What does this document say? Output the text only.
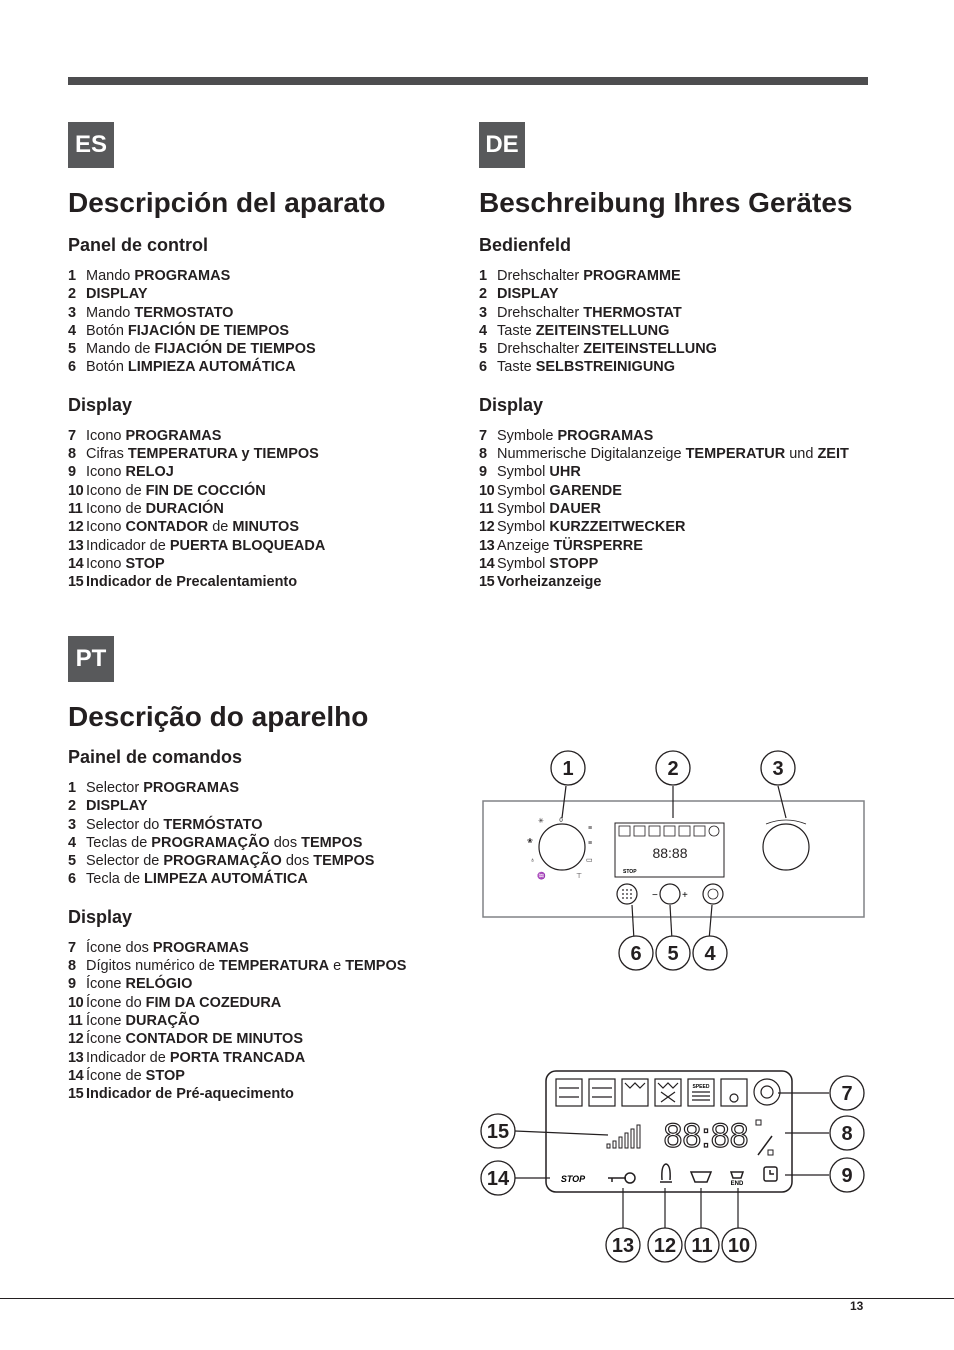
ES
Descripción del aparato
Panel de control
1 Mando PROGRAMAS
2 DISPLAY
3 Mando TERMOSTATO
4 Botón FIJACIÓN DE TIEMPOS
5 Mando de FIJACIÓN DE TIEMPOS
6 Botón LIMPIEZA AUTOMÁTICA
Display
7 Icono PROGRAMAS
8 Cifras TEMPERATURA y TIEMPOS
9 Icono RELOJ
10 Icono de FIN DE COCCIÓN
11 Icono de DURACIÓN
12 Icono CONTADOR de MINUTOS
13 Indicador de PUERTA BLOQUEADA
14 Icono STOP
15 Indicador de Precalentamiento
DE
Beschreibung Ihres Gerätes
Bedienfeld
1 Drehschalter PROGRAMME
2 DISPLAY
3 Drehschalter THERMOSTAT
4 Taste ZEITEINSTELLUNG
5 Drehschalter ZEITEINSTELLUNG
6 Taste SELBSTREINIGUNG
Display
7 Symbole PROGRAMAS
8 Nummerische Digitalanzeige TEMPERATUR und ZEIT
9 Symbol UHR
10 Symbol GARENDE
11 Symbol DAUER
12 Symbol KURZZEITWECKER
13 Anzeige TÜRSPERRE
14 Symbol STOPP
15 Vorheizanzeige
PT
Descrição do aparelho
Painel de comandos
1 Selector PROGRAMAS
2 DISPLAY
3 Selector do TERMÓSTATO
4 Teclas de PROGRAMAÇÃO dos TEMPOS
5 Selector de PROGRAMAÇÃO dos TEMPOS
6 Tecla de LIMPEZA AUTOMÁTICA
Display
7 Ícone dos PROGRAMAS
8 Dígitos numérico de TEMPERATURA e TEMPOS
9 Ícone RELÓGIO
10 Ícone do FIM DA COZEDURA
11 Ícone DURAÇÃO
12 Ícone CONTADOR DE MINUTOS
13 Indicador de PORTA TRANCADA
14 Ícone de STOP
15 Indicador de Pré-aquecimento
0
✳
❀
♁
♒
≡
≡
▭
⊤
88:88
STOP
− +
1	2	3
6 5 4
SPEED
88:88
STOP	END
7
8
9
15
14
13 12 11 10
13
